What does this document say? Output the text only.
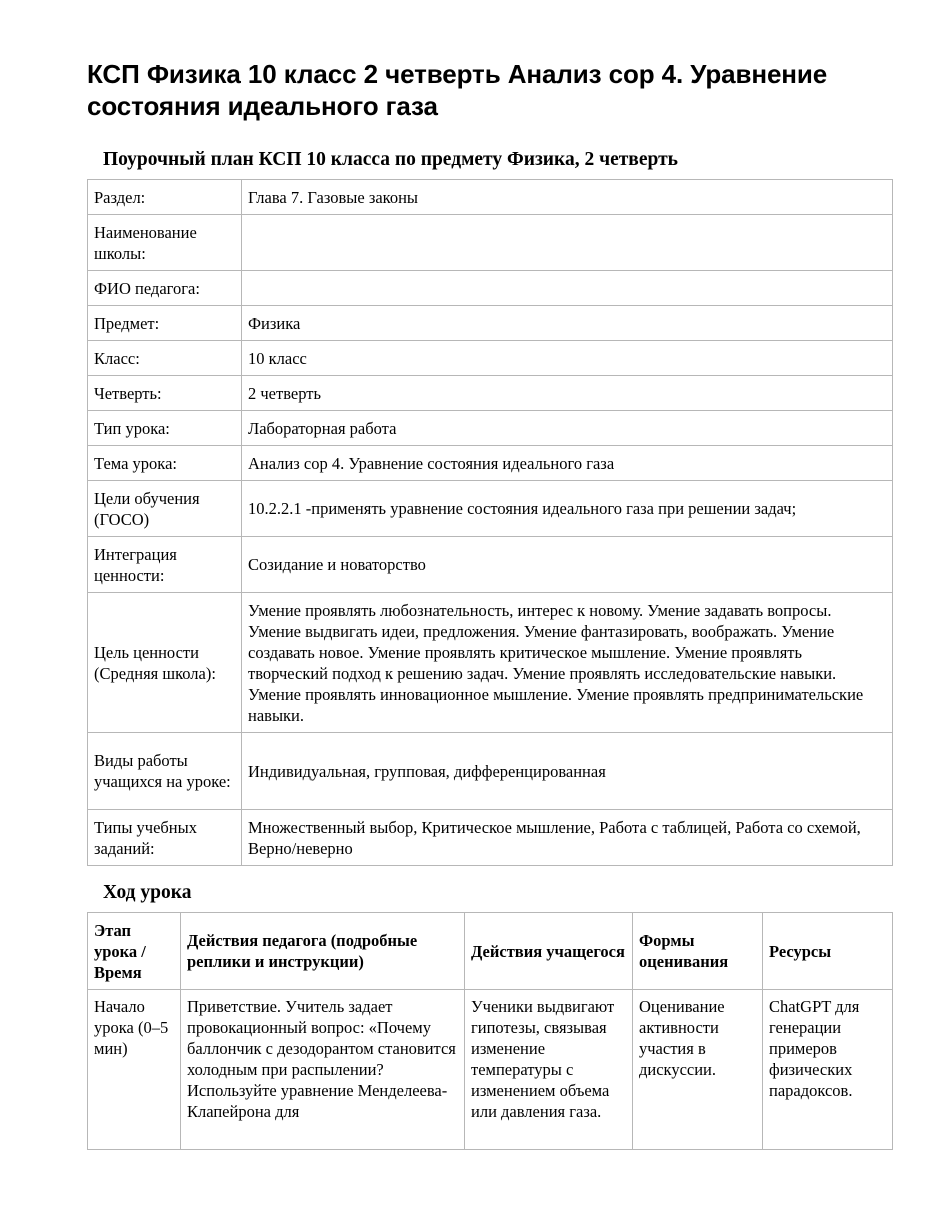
КСП Физика 10 класс 2 четверть Анализ сор 4. Уравнение состояния идеального газа
Поурочный план КСП 10 класса по предмету Физика, 2 четверть
Раздел:	Глава 7. Газовые законы
Наименование школы:	
ФИО педагога:	
Предмет:	Физика
Класс:	10 класс
Четверть:	2 четверть
Тип урока:	Лабораторная работа
Тема урока:	Анализ сор 4. Уравнение состояния идеального газа
Цели обучения (ГОСО)	10.2.2.1 -применять уравнение состояния идеального газа при решении задач;
Интеграция ценности:	Созидание и новаторство
Цель ценности (Средняя школа):	Умение проявлять любознательность, интерес к новому. Умение задавать вопросы. Умение выдвигать идеи, предложения. Умение фантазировать, воображать. Умение создавать новое. Умение проявлять критическое мышление. Умение проявлять творческий подход к решению задач. Умение проявлять исследовательские навыки. Умение проявлять инновационное мышление. Умение проявлять предпринимательские навыки.
Виды работы учащихся на уроке:	Индивидуальная, групповая, дифференцированная
Типы учебных заданий:	Множественный выбор, Критическое мышление, Работа с таблицей, Работа со схемой, Верно/неверно
Ход урока
Этап урока / Время	Действия педагога (подробные реплики и инструкции)	Действия учащегося	Формы оценивания	Ресурсы
Начало урока (0–5 мин)	Приветствие. Учитель задает провокационный вопрос: «Почему баллончик с дезодорантом становится холодным при распылении? Используйте уравнение Менделеева-Клапейрона для	Ученики выдвигают гипотезы, связывая изменение температуры с изменением объема или давления газа.	Оценивание активности участия в дискуссии.	ChatGPT для генерации примеров физических парадоксов.
